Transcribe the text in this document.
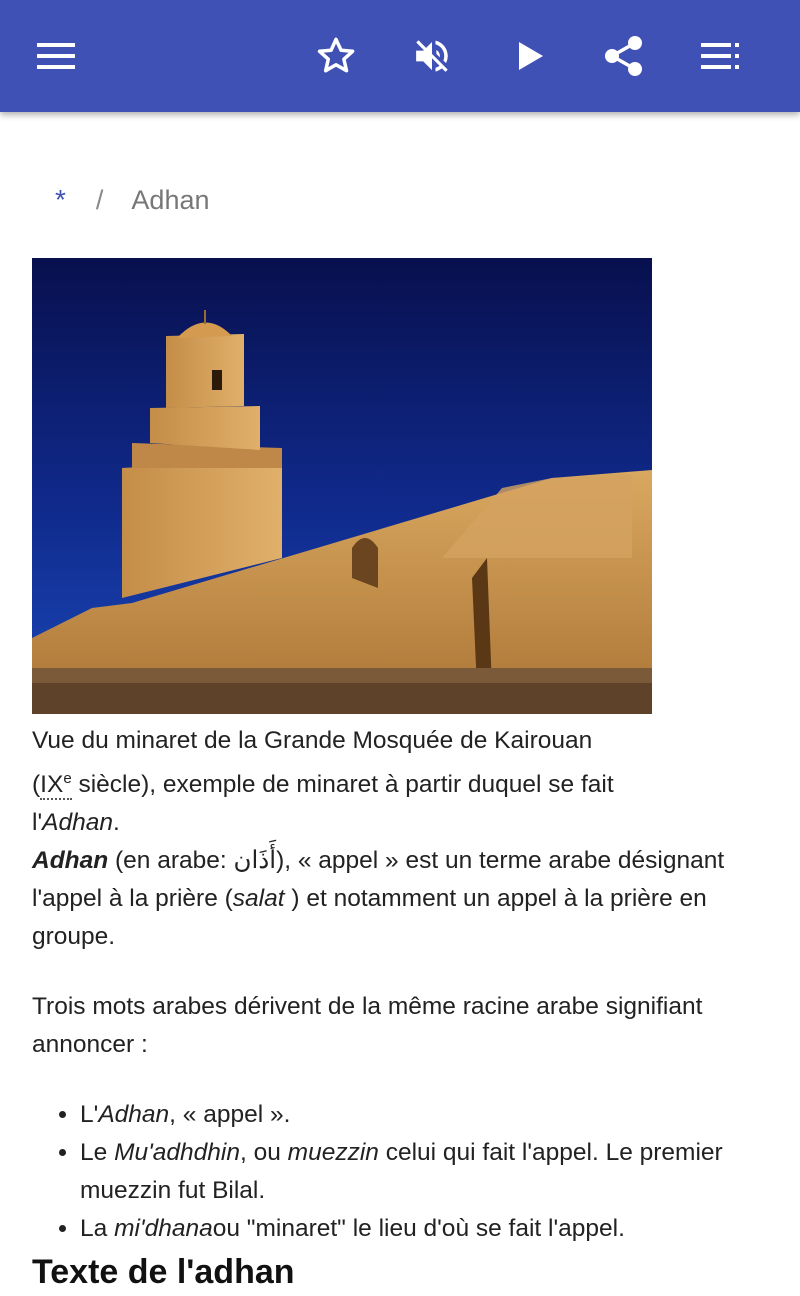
* / Adhan

Vue du minaret de la Grande Mosquée de Kairouan
(IXe siècle), exemple de minaret à partir duquel se fait
l'Adhan.

Adhan (en arabe: أَذَان), « appel » est un terme arabe désignant l'appel à la prière (salat ) et notamment un appel à la prière en groupe.

Trois mots arabes dérivent de la même racine arabe signifiant annoncer :

• L'Adhan, « appel ».
• Le Mu'adhdhin, ou muezzin celui qui fait l'appel. Le premier muezzin fut Bilal.
• La mi'dhanaou "minaret" le lieu d'où se fait l'appel.
Texte de l'adhan
